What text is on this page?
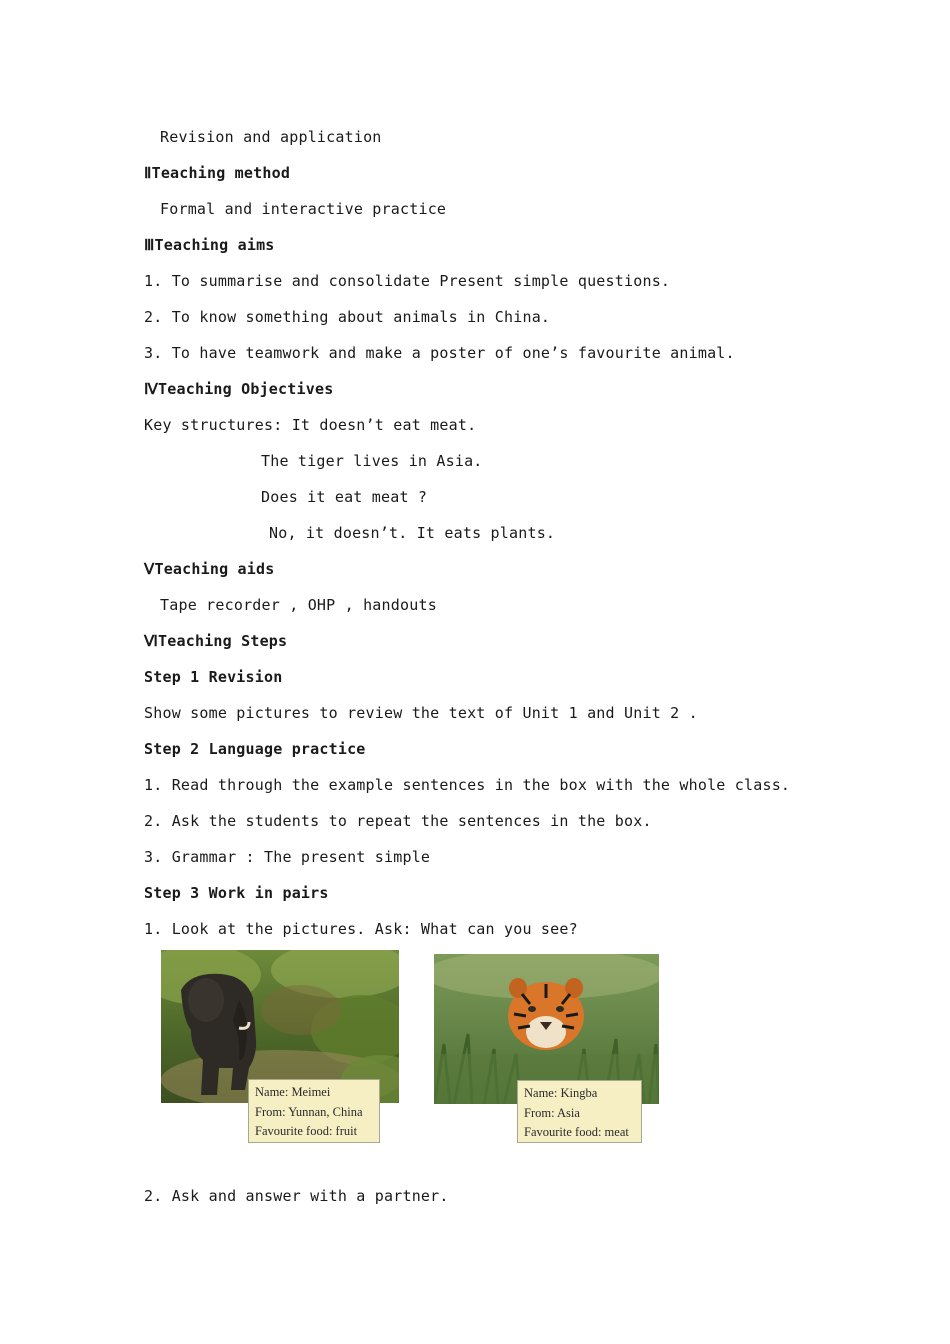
Revision and application
ⅡTeaching method
Formal and interactive practice
ⅢTeaching aims
1. To summarise and consolidate Present simple questions.
2. To know something about animals in China.
3. To have teamwork and make a poster of one’s favourite animal.
ⅣTeaching Objectives
Key structures: It doesn’t eat meat.
The tiger lives in Asia.
Does it eat meat ?
No, it doesn’t. It eats plants.
ⅤTeaching aids
Tape recorder , OHP , handouts
ⅥTeaching Steps
Step 1 Revision
Show some pictures to review the text of Unit 1 and Unit 2 .
Step 2 Language practice
1. Read through the example sentences in the box with the whole class.
2. Ask the students to repeat the sentences in the box.
3. Grammar : The present simple
Step 3 Work in pairs
1. Look at the pictures. Ask: What can you see?
Name: Meimei
From: Yunnan, China
Favourite food: fruit
Name: Kingba
From: Asia
Favourite food: meat
2. Ask and answer with a partner.
